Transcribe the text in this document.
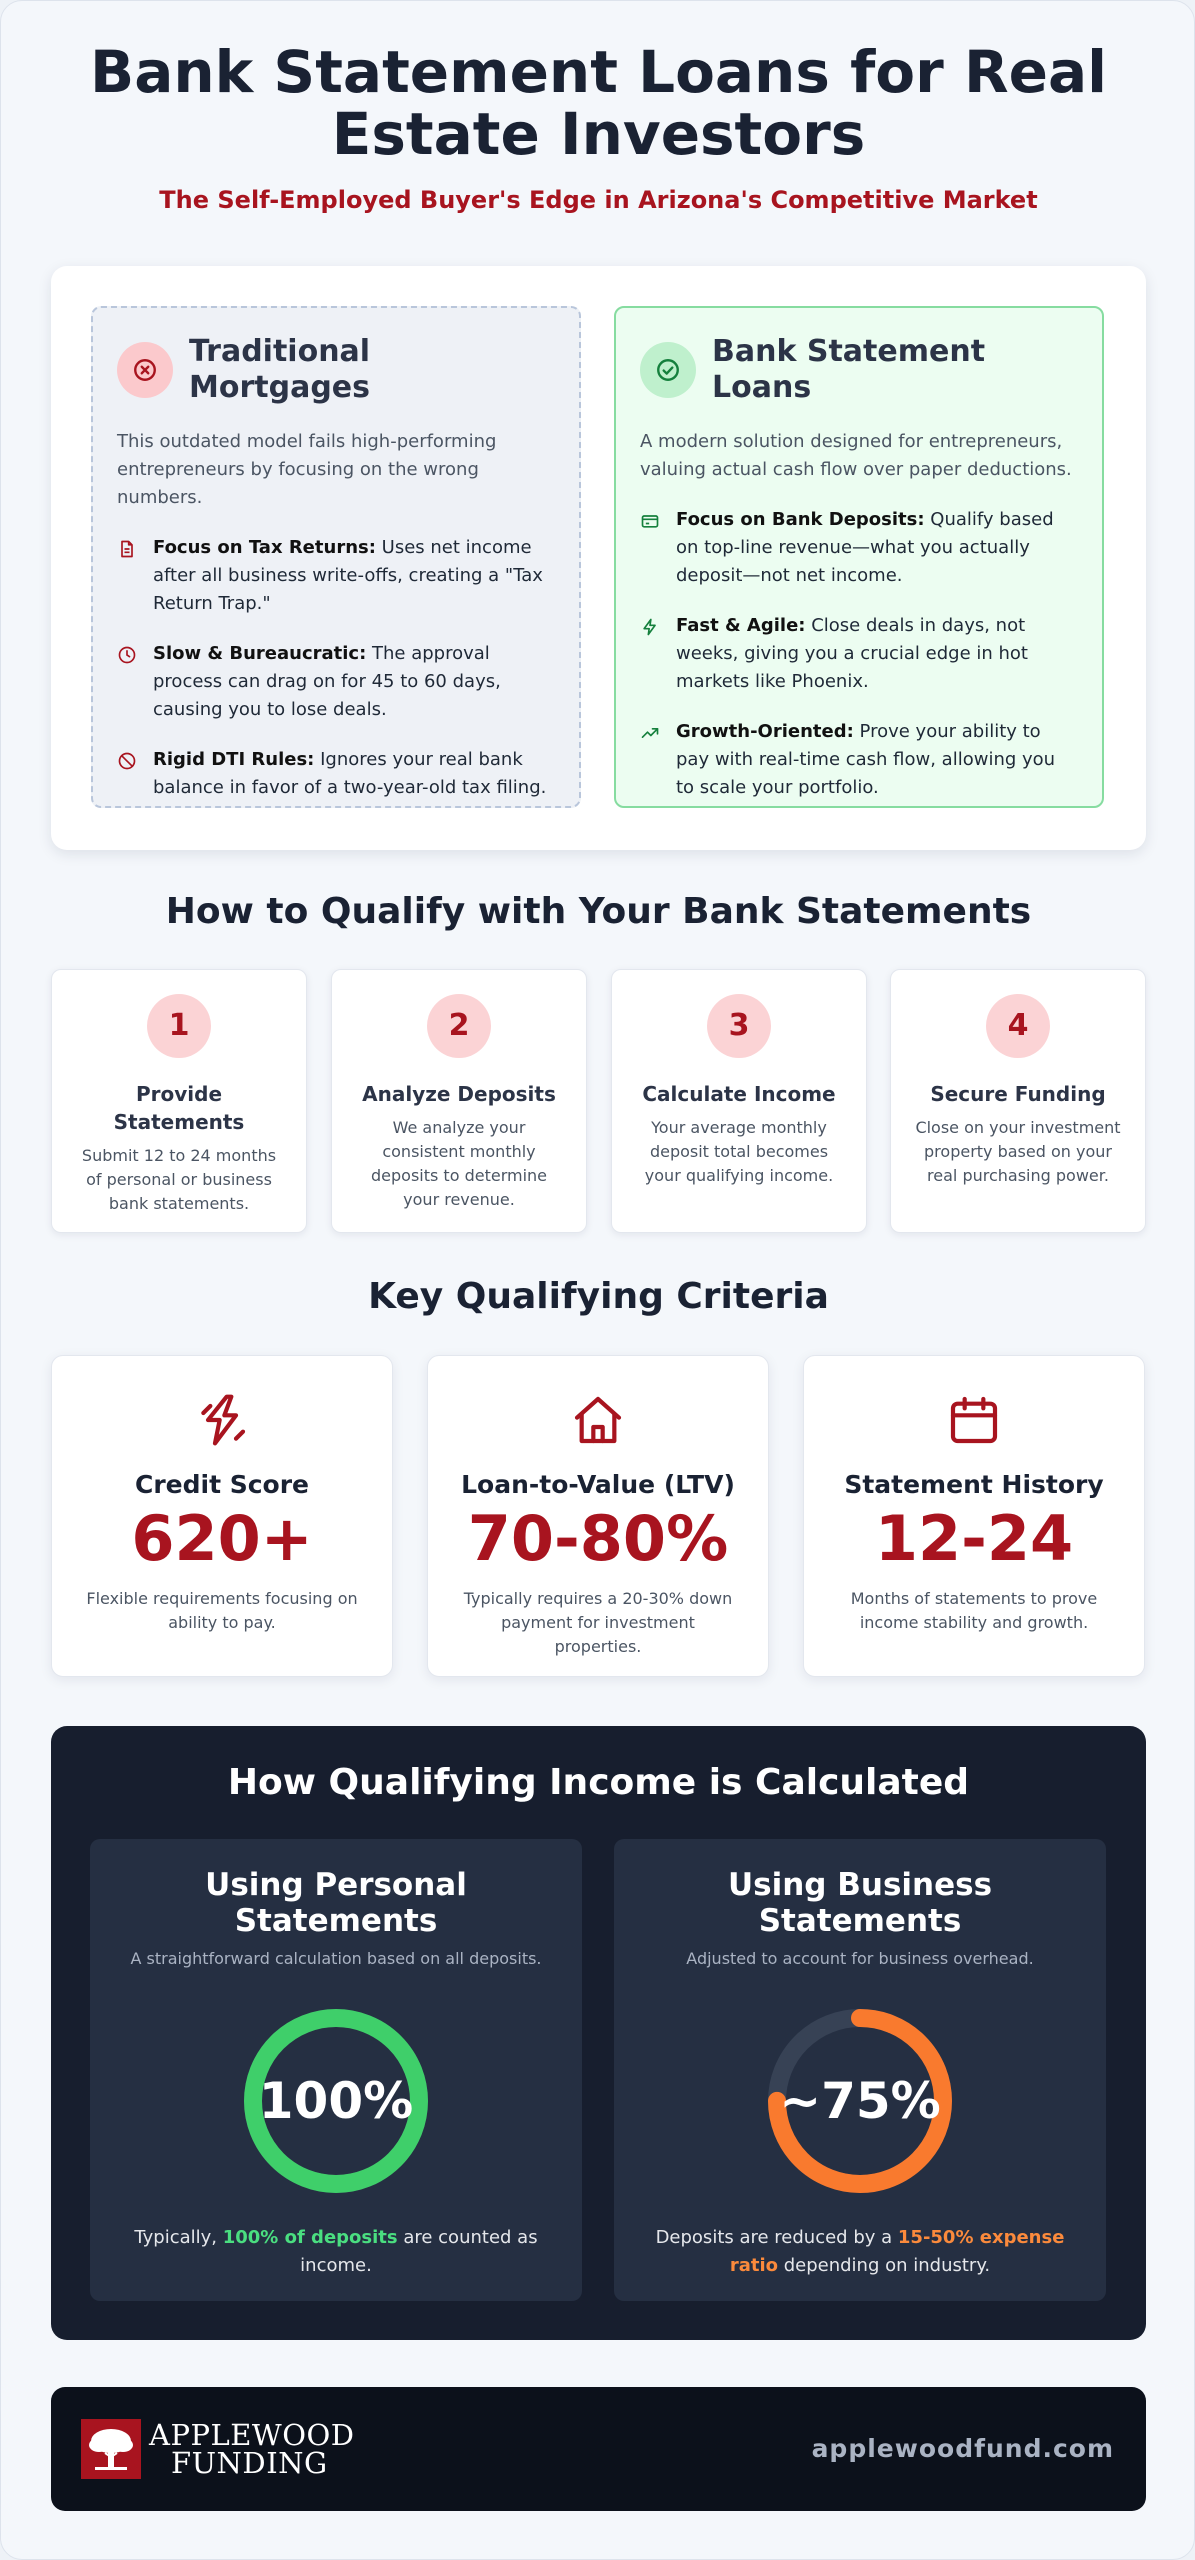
Bank Statement Loans for Real Estate Investors
The Self-Employed Buyer's Edge in Arizona's Competitive Market
Traditional Mortgages
This outdated model fails high-performing entrepreneurs by focusing on the wrong numbers.
Focus on Tax Returns: Uses net income after all business write-offs, creating a "Tax Return Trap."
Slow & Bureaucratic: The approval process can drag on for 45 to 60 days, causing you to lose deals.
Rigid DTI Rules: Ignores your real bank balance in favor of a two-year-old tax filing.
Bank Statement Loans
A modern solution designed for entrepreneurs, valuing actual cash flow over paper deductions.
Focus on Bank Deposits: Qualify based on top-line revenue—what you actually deposit—not net income.
Fast & Agile: Close deals in days, not weeks, giving you a crucial edge in hot markets like Phoenix.
Growth-Oriented: Prove your ability to pay with real-time cash flow, allowing you to scale your portfolio.
How to Qualify with Your Bank Statements
1
Provide Statements
Submit 12 to 24 months of personal or business bank statements.
2
Analyze Deposits
We analyze your consistent monthly deposits to determine your revenue.
3
Calculate Income
Your average monthly deposit total becomes your qualifying income.
4
Secure Funding
Close on your investment property based on your real purchasing power.
Key Qualifying Criteria
Credit Score
620+
Flexible requirements focusing on ability to pay.
Loan-to-Value (LTV)
70-80%
Typically requires a 20-30% down payment for investment properties.
Statement History
12-24
Months of statements to prove income stability and growth.
How Qualifying Income is Calculated
Using Personal Statements
A straightforward calculation based on all deposits.
100%
Typically, 100% of deposits are counted as income.
Using Business Statements
Adjusted to account for business overhead.
~75%
Deposits are reduced by a 15-50% expense ratio depending on industry.
APPLEWOOD
FUNDING	applewoodfund.com
